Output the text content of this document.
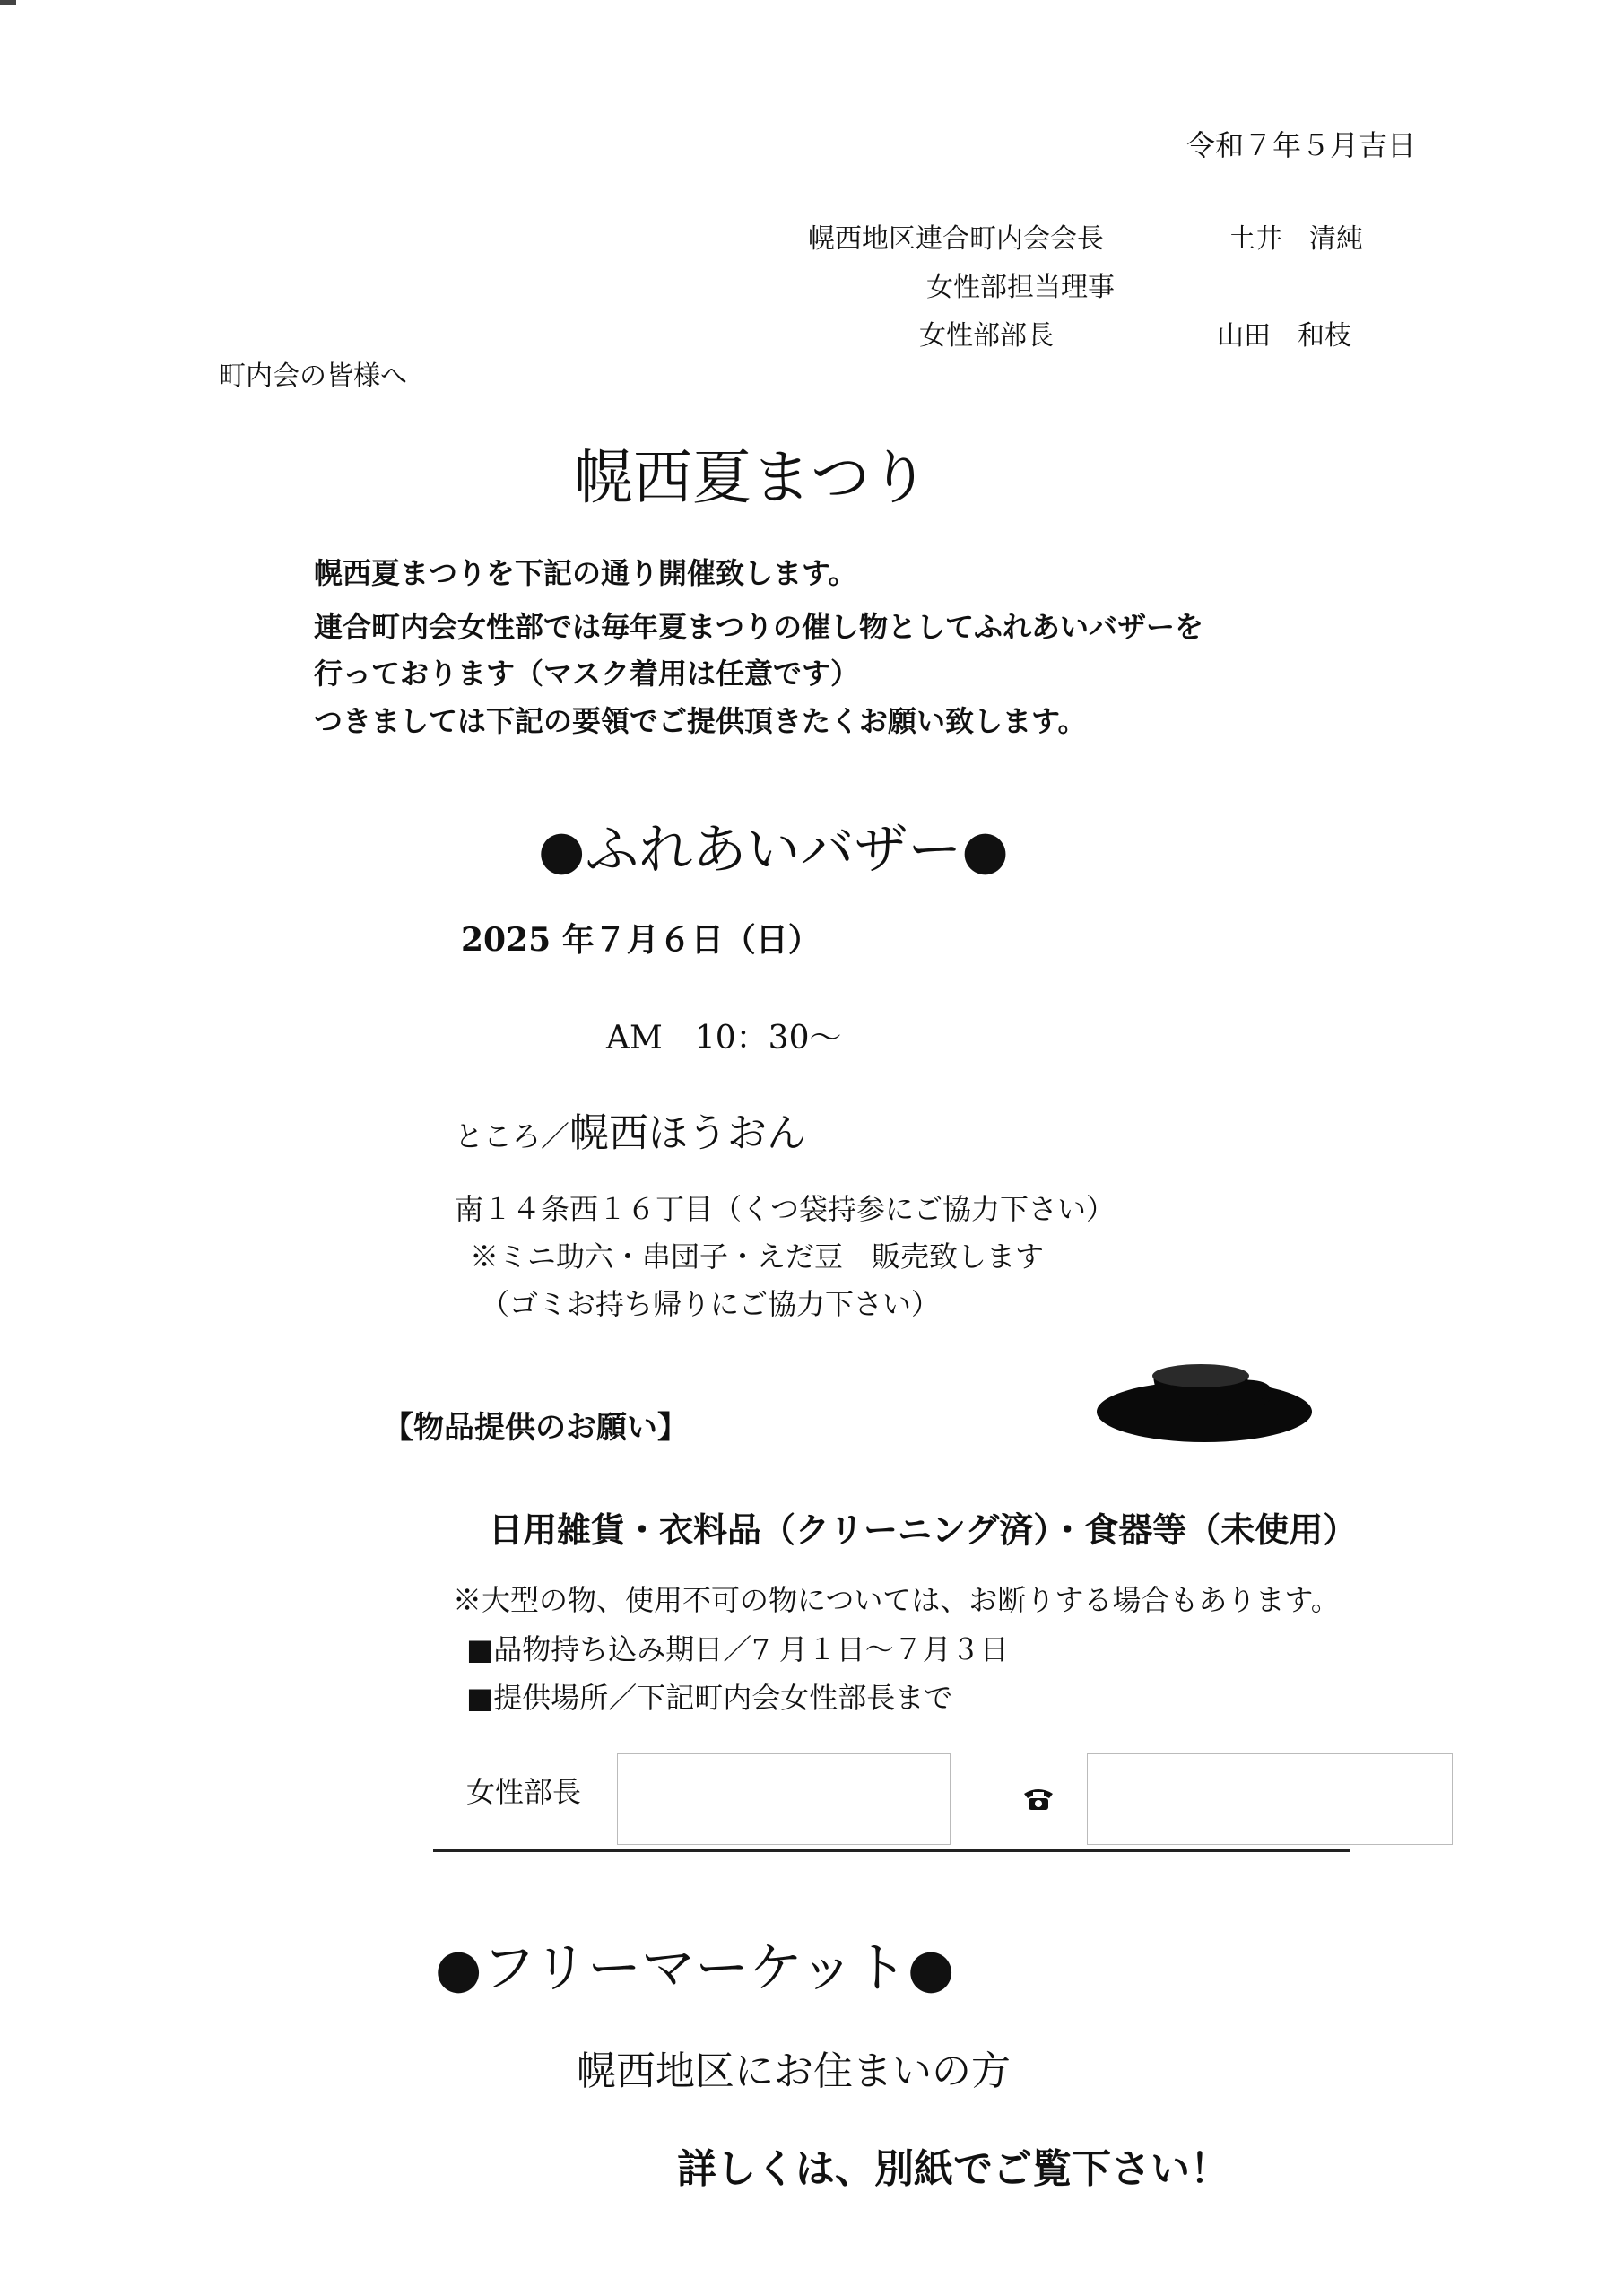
令和７年５月吉日
幌西地区連合町内会会長	土井　清純
女性部担当理事
女性部部長	山田　和枝
町内会の皆様へ
幌西夏まつり
幌西夏まつりを下記の通り開催致します。
連合町内会女性部では毎年夏まつりの催し物としてふれあいバザーを
行っております（マスク着用は任意です）
つきましては下記の要領でご提供頂きたくお願い致します。
●ふれあいバザー●
2025 年７月６日（日）
AM　10：30〜
ところ／幌西ほうおん
南１４条西１６丁目（くつ袋持参にご協力下さい）
※ミニ助六・串団子・えだ豆　販売致します
（ゴミお持ち帰りにご協力下さい）
【物品提供のお願い】
日用雑貨・衣料品（クリーニング済）・食器等（未使用）
※大型の物、使用不可の物については、お断りする場合もあります。
■品物持ち込み期日／7 月１日〜７月３日
■提供場所／下記町内会女性部長まで
女性部長
●フリーマーケット●
幌西地区にお住まいの方
詳しくは、別紙でご覧下さい！
